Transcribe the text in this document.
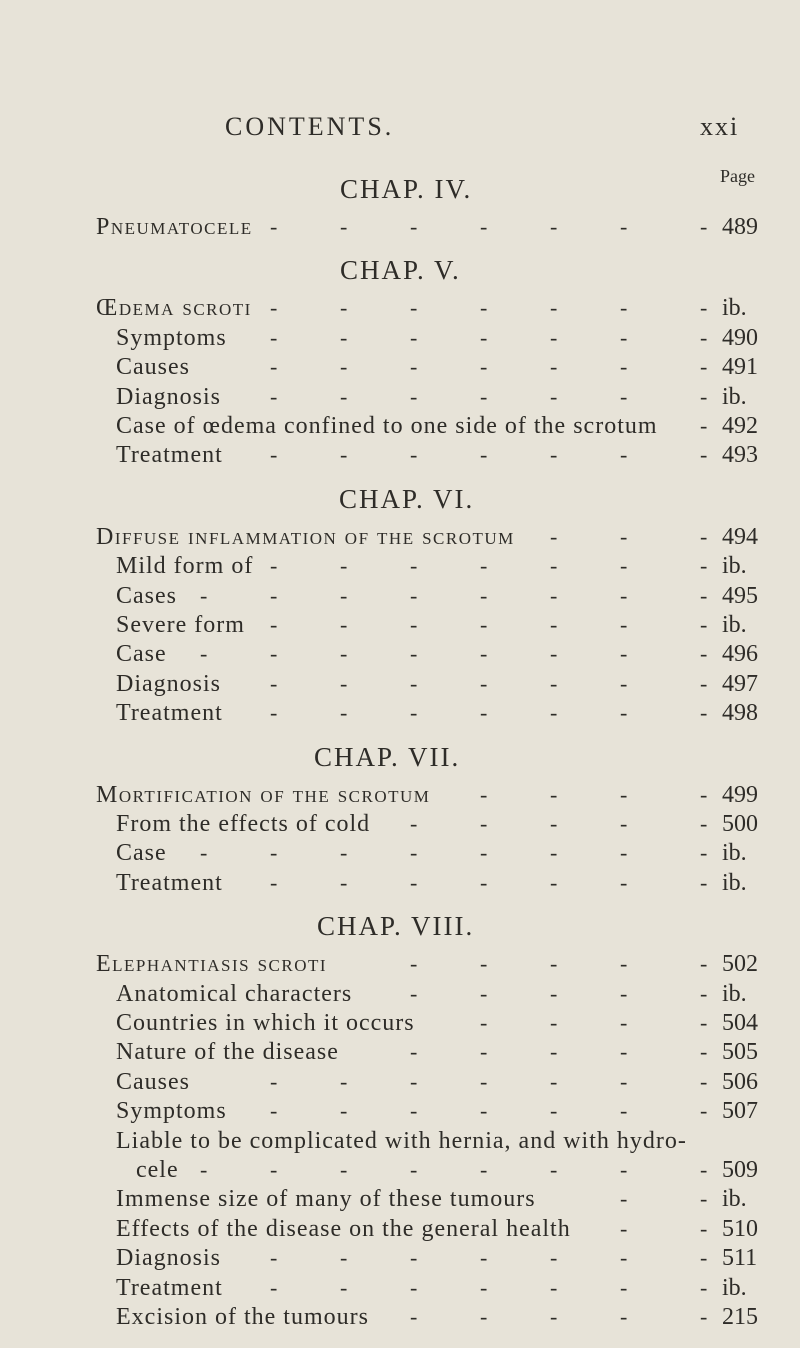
CONTENTS.	xxi
Page
CHAP. IV.
CHAP. V.
CHAP. VI.
CHAP. VII.
CHAP. VIII.
Pneumatocele	489
-	-	-	-	-	-	-
Œdema scroti	ib.
-	-	-	-	-	-	-
Symptoms	490
-	-	-	-	-	-	-
Causes	491
-	-	-	-	-	-	-
Diagnosis	ib.
-	-	-	-	-	-	-
Case of œdema confined to one side of the scrotum	492
-
Treatment	493
-	-	-	-	-	-	-
Diffuse inflammation of the scrotum	494
-	-	-
Mild form of	ib.
-	-	-	-	-	-	-
Cases	495
-	-	-	-	-	-	-	-
Severe form	ib.
-	-	-	-	-	-	-
Case	496
-	-	-	-	-	-	-	-
Diagnosis	497
-	-	-	-	-	-	-
Treatment	498
-	-	-	-	-	-	-
Mortification of the scrotum	499
-	-	-	-
From the effects of cold	500
-	-	-	-	-
Case	ib.
-	-	-	-	-	-	-	-
Treatment	ib.
-	-	-	-	-	-	-
Elephantiasis scroti	502
-	-	-	-	-
Anatomical characters	ib.
-	-	-	-	-
Countries in which it occurs	504
-	-	-	-
Nature of the disease	505
-	-	-	-	-
Causes	506
-	-	-	-	-	-	-
Symptoms	507
-	-	-	-	-	-	-
Liable to be complicated with hernia, and with hydro-
cele	509
-	-	-	-	-	-	-	-
Immense size of many of these tumours	ib.
-	-
Effects of the disease on the general health	510
-	-
Diagnosis	511
-	-	-	-	-	-	-
Treatment	ib.
-	-	-	-	-	-	-
Excision of the tumours	215
-	-	-	-	-
